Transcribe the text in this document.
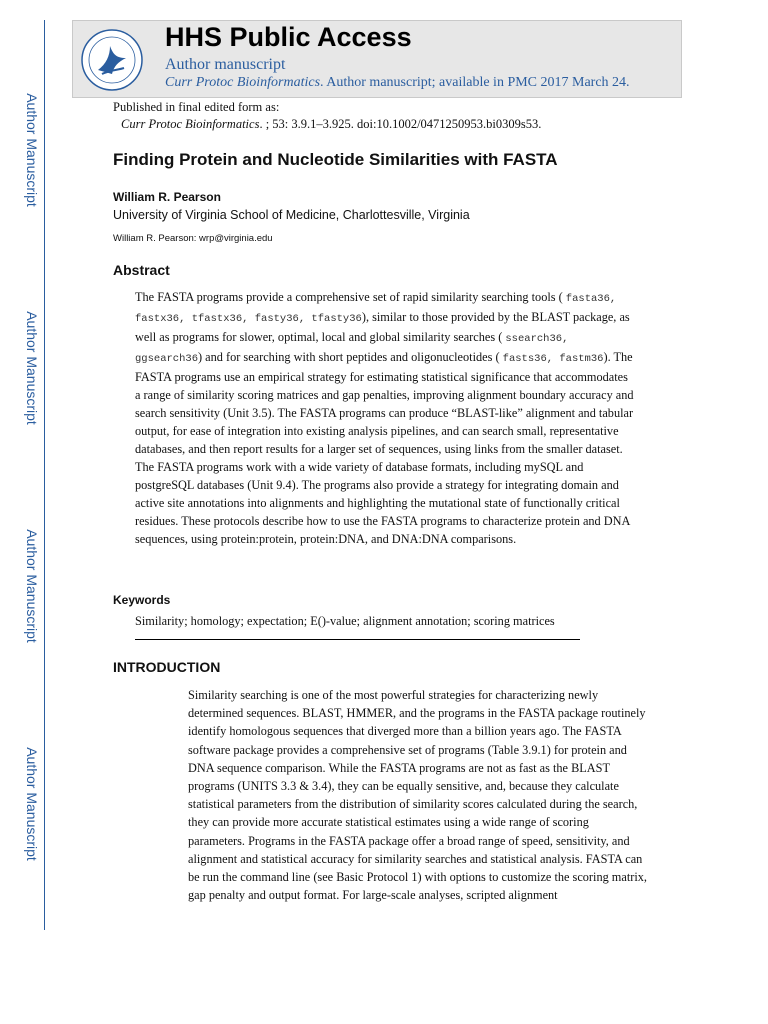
Author Manuscript
Author Manuscript
Author Manuscript
Author Manuscript
HHS Public Access
Author manuscript
Curr Protoc Bioinformatics. Author manuscript; available in PMC 2017 March 24.
Published in final edited form as:
Curr Protoc Bioinformatics. ; 53: 3.9.1–3.925. doi:10.1002/0471250953.bi0309s53.
Finding Protein and Nucleotide Similarities with FASTA
William R. Pearson
University of Virginia School of Medicine, Charlottesville, Virginia
William R. Pearson: wrp@virginia.edu
Abstract
The FASTA programs provide a comprehensive set of rapid similarity searching tools ( fasta36, fastx36, tfastx36, fasty36, tfasty36), similar to those provided by the BLAST package, as well as programs for slower, optimal, local and global similarity searches ( ssearch36, ggsearch36) and for searching with short peptides and oligonucleotides ( fasts36, fastm36). The FASTA programs use an empirical strategy for estimating statistical significance that accommodates a range of similarity scoring matrices and gap penalties, improving alignment boundary accuracy and search sensitivity (Unit 3.5). The FASTA programs can produce “BLAST-like” alignment and tabular output, for ease of integration into existing analysis pipelines, and can search small, representative databases, and then report results for a larger set of sequences, using links from the smaller dataset. The FASTA programs work with a wide variety of database formats, including mySQL and postgreSQL databases (Unit 9.4). The programs also provide a strategy for integrating domain and active site annotations into alignments and highlighting the mutational state of functionally critical residues. These protocols describe how to use the FASTA programs to characterize protein and DNA sequences, using protein:protein, protein:DNA, and DNA:DNA comparisons.
Keywords
Similarity; homology; expectation; E()-value; alignment annotation; scoring matrices
INTRODUCTION
Similarity searching is one of the most powerful strategies for characterizing newly determined sequences. BLAST, HMMER, and the programs in the FASTA package routinely identify homologous sequences that diverged more than a billion years ago. The FASTA software package provides a comprehensive set of programs (Table 3.9.1) for protein and DNA sequence comparison. While the FASTA programs are not as fast as the BLAST programs (UNITS 3.3 & 3.4), they can be equally sensitive, and, because they calculate statistical parameters from the distribution of similarity scores calculated during the search, they can provide more accurate statistical estimates using a wide range of scoring parameters. Programs in the FASTA package offer a broad range of speed, sensitivity, and alignment and statistical accuracy for similarity searches and statistical analysis. FASTA can be run the command line (see Basic Protocol 1) with options to customize the scoring matrix, gap penalty and output format. For large-scale analyses, scripted alignment
